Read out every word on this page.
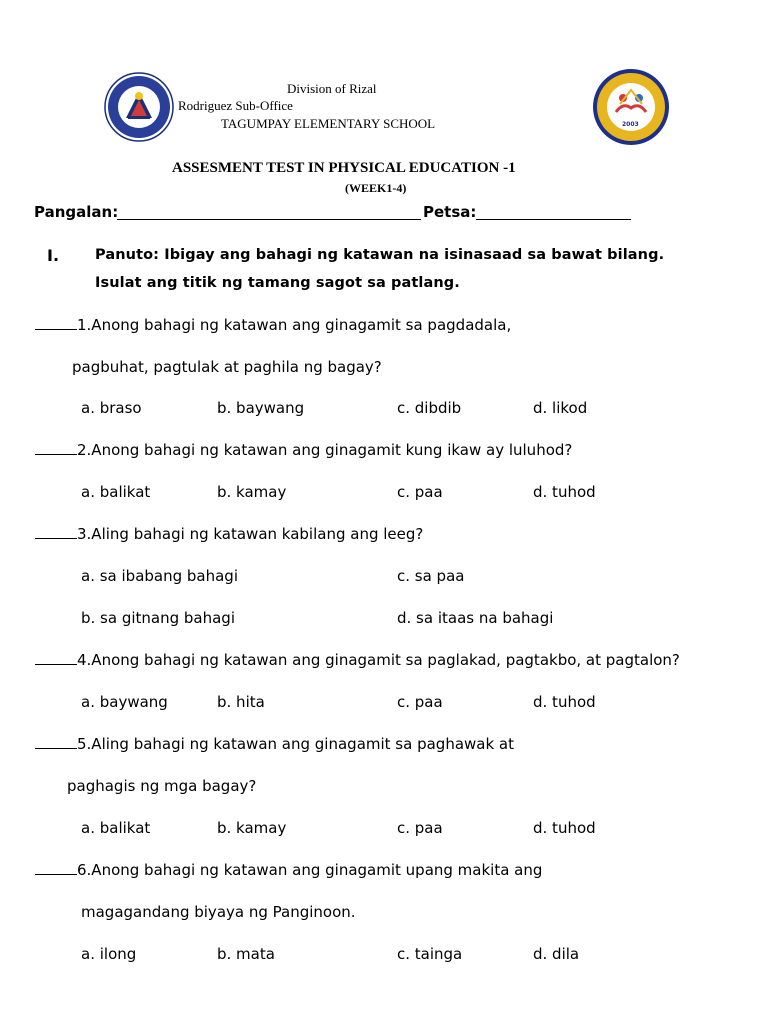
2003
Division of Rizal
Rodriguez Sub-Office
TAGUMPAY ELEMENTARY SCHOOL
ASSESMENT TEST IN PHYSICAL EDUCATION -1
(WEEK1-4)
Pangalan:	Petsa:
I. Panuto: Ibigay ang bahagi ng katawan na isinasaad sa bawat bilang.
Isulat ang titik ng tamang sagot sa patlang.
1.Anong bahagi ng katawan ang ginagamit sa pagdadala,
pagbuhat, pagtulak at paghila ng bagay?
a. braso	b. baywang	c. dibdib	d. likod
2.Anong bahagi ng katawan ang ginagamit kung ikaw ay luluhod?
a. balikat	b. kamay	c. paa	d. tuhod
3.Aling bahagi ng katawan kabilang ang leeg?
a. sa ibabang bahagi	c. sa paa
b. sa gitnang bahagi	d. sa itaas na bahagi
4.Anong bahagi ng katawan ang ginagamit sa paglakad, pagtakbo, at pagtalon?
a. baywang	b. hita	c. paa	d. tuhod
5.Aling bahagi ng katawan ang ginagamit sa paghawak at
paghagis ng mga bagay?
a. balikat	b. kamay	c. paa	d. tuhod
6.Anong bahagi ng katawan ang ginagamit upang makita ang
magagandang biyaya ng Panginoon.
a. ilong	b. mata	c. tainga	d. dila
